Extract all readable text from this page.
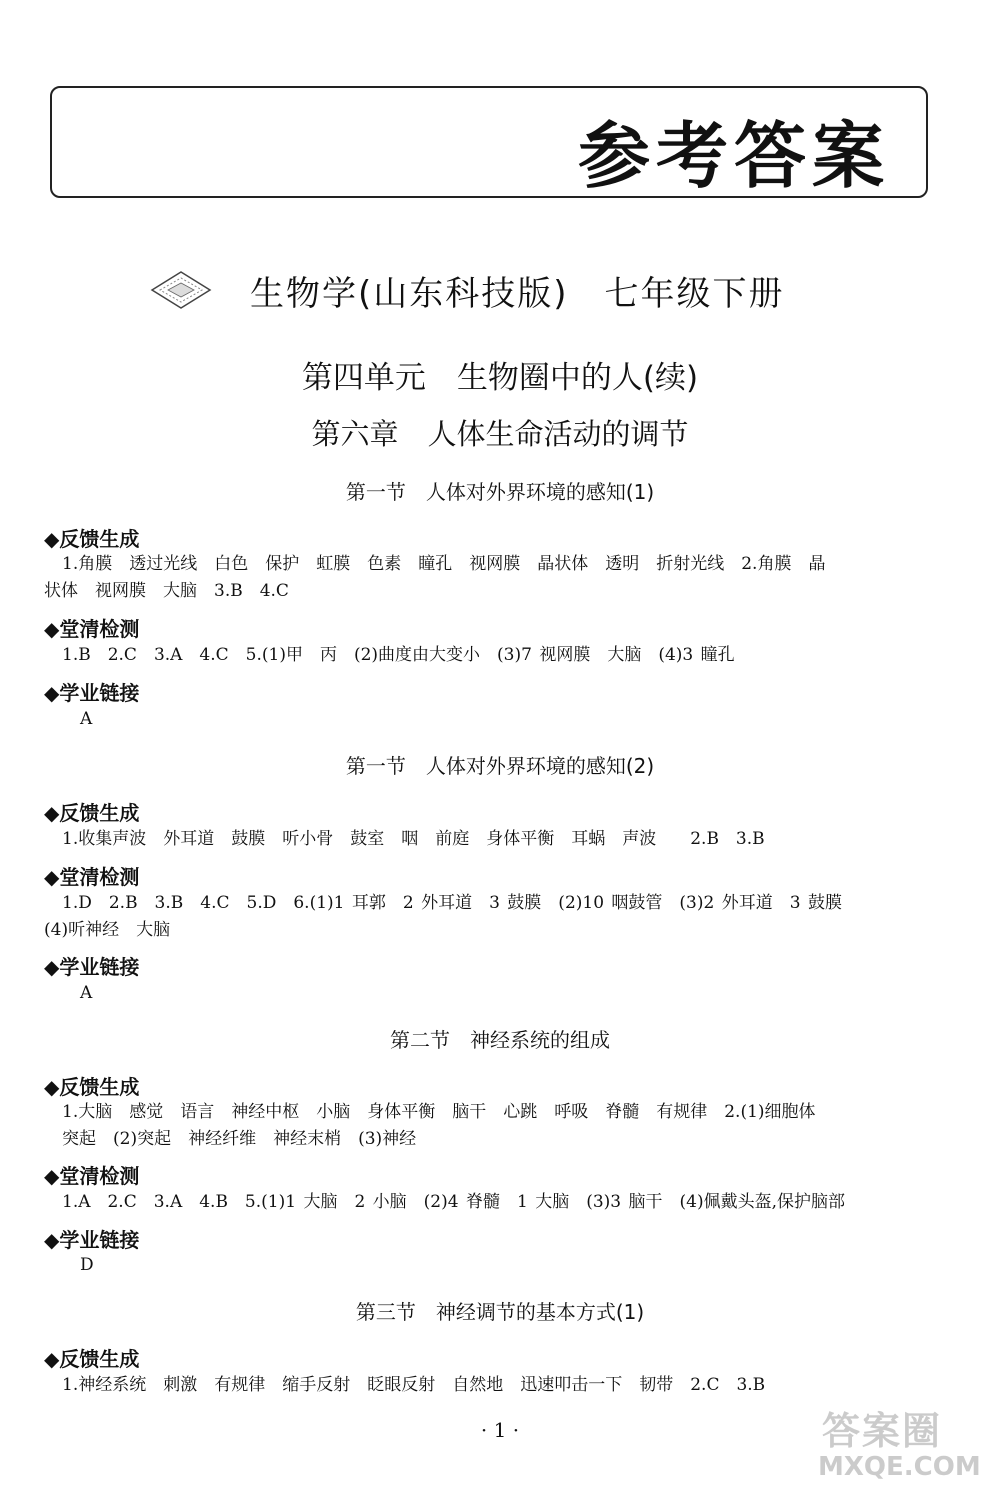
参考答案
生物学(山东科技版)　七年级下册
第四单元　生物圈中的人(续)
第六章　人体生命活动的调节
第一节　人体对外界环境的感知(1)
◆反馈生成
1.角膜　透过光线　白色　保护　虹膜　色素　瞳孔　视网膜　晶状体　透明　折射光线　2.角膜　晶
状体　视网膜　大脑　3.B　4.C
◆堂清检测
1.B　2.C　3.A　4.C　5.(1)甲　丙　(2)曲度由大变小　(3)7 视网膜　大脑　(4)3 瞳孔
◆学业链接
A
第一节　人体对外界环境的感知(2)
◆反馈生成
1.收集声波　外耳道　鼓膜　听小骨　鼓室　咽　前庭　身体平衡　耳蜗　声波　　2.B　3.B
◆堂清检测
1.D　2.B　3.B　4.C　5.D　6.(1)1 耳郭　2 外耳道　3 鼓膜　(2)10 咽鼓管　(3)2 外耳道　3 鼓膜
(4)听神经　大脑
◆学业链接
A
第二节　神经系统的组成
◆反馈生成
1.大脑　感觉　语言　神经中枢　小脑　身体平衡　脑干　心跳　呼吸　脊髓　有规律　2.(1)细胞体
突起　(2)突起　神经纤维　神经末梢　(3)神经
◆堂清检测
1.A　2.C　3.A　4.B　5.(1)1 大脑　2 小脑　(2)4 脊髓　1 大脑　(3)3 脑干　(4)佩戴头盔,保护脑部
◆学业链接
D
第三节　神经调节的基本方式(1)
◆反馈生成
1.神经系统　刺激　有规律　缩手反射　眨眼反射　自然地　迅速叩击一下　韧带　2.C　3.B
· 1 ·	答案圈
MXQE.COM
